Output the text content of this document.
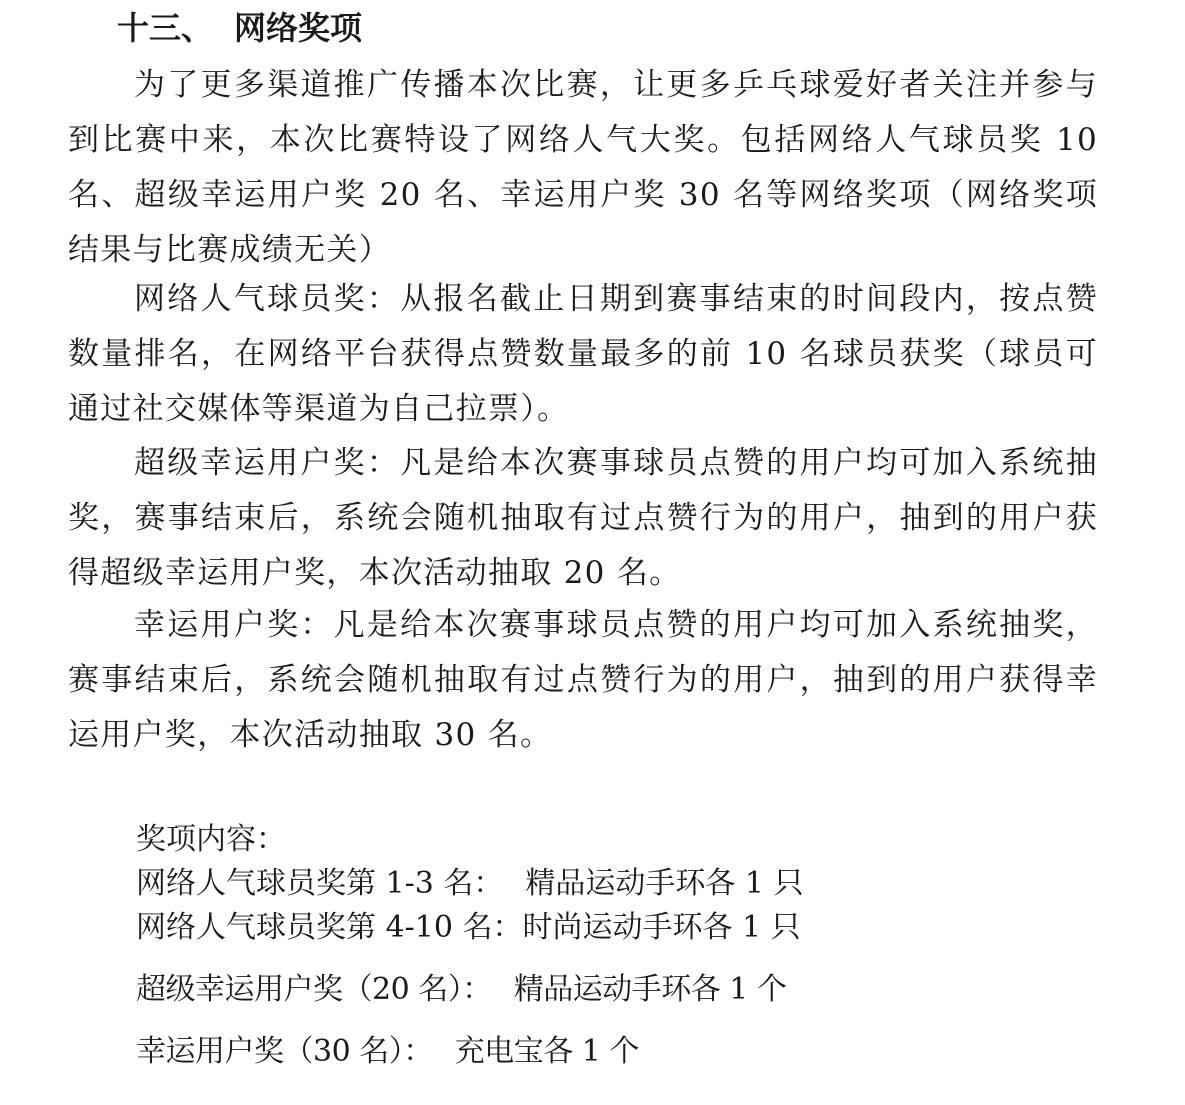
十三、 网络奖项

为了更多渠道推广传播本次比赛，让更多乒乓球爱好者关注并参与到比赛中来，本次比赛特设了网络人气大奖。包括网络人气球员奖 10 名、超级幸运用户奖 20 名、幸运用户奖 30 名等网络奖项（网络奖项结果与比赛成绩无关）

网络人气球员奖：从报名截止日期到赛事结束的时间段内，按点赞数量排名，在网络平台获得点赞数量最多的前 10 名球员获奖（球员可通过社交媒体等渠道为自己拉票）。

超级幸运用户奖：凡是给本次赛事球员点赞的用户均可加入系统抽奖，赛事结束后，系统会随机抽取有过点赞行为的用户，抽到的用户获得超级幸运用户奖，本次活动抽取 20 名。

幸运用户奖：凡是给本次赛事球员点赞的用户均可加入系统抽奖，赛事结束后，系统会随机抽取有过点赞行为的用户，抽到的用户获得幸运用户奖，本次活动抽取 30 名。

奖项内容：
网络人气球员奖第 1-3 名： 精品运动手环各 1 只
网络人气球员奖第 4-10 名：时尚运动手环各 1 只
超级幸运用户奖（20 名）： 精品运动手环各 1 个
幸运用户奖（30 名）： 充电宝各 1 个
